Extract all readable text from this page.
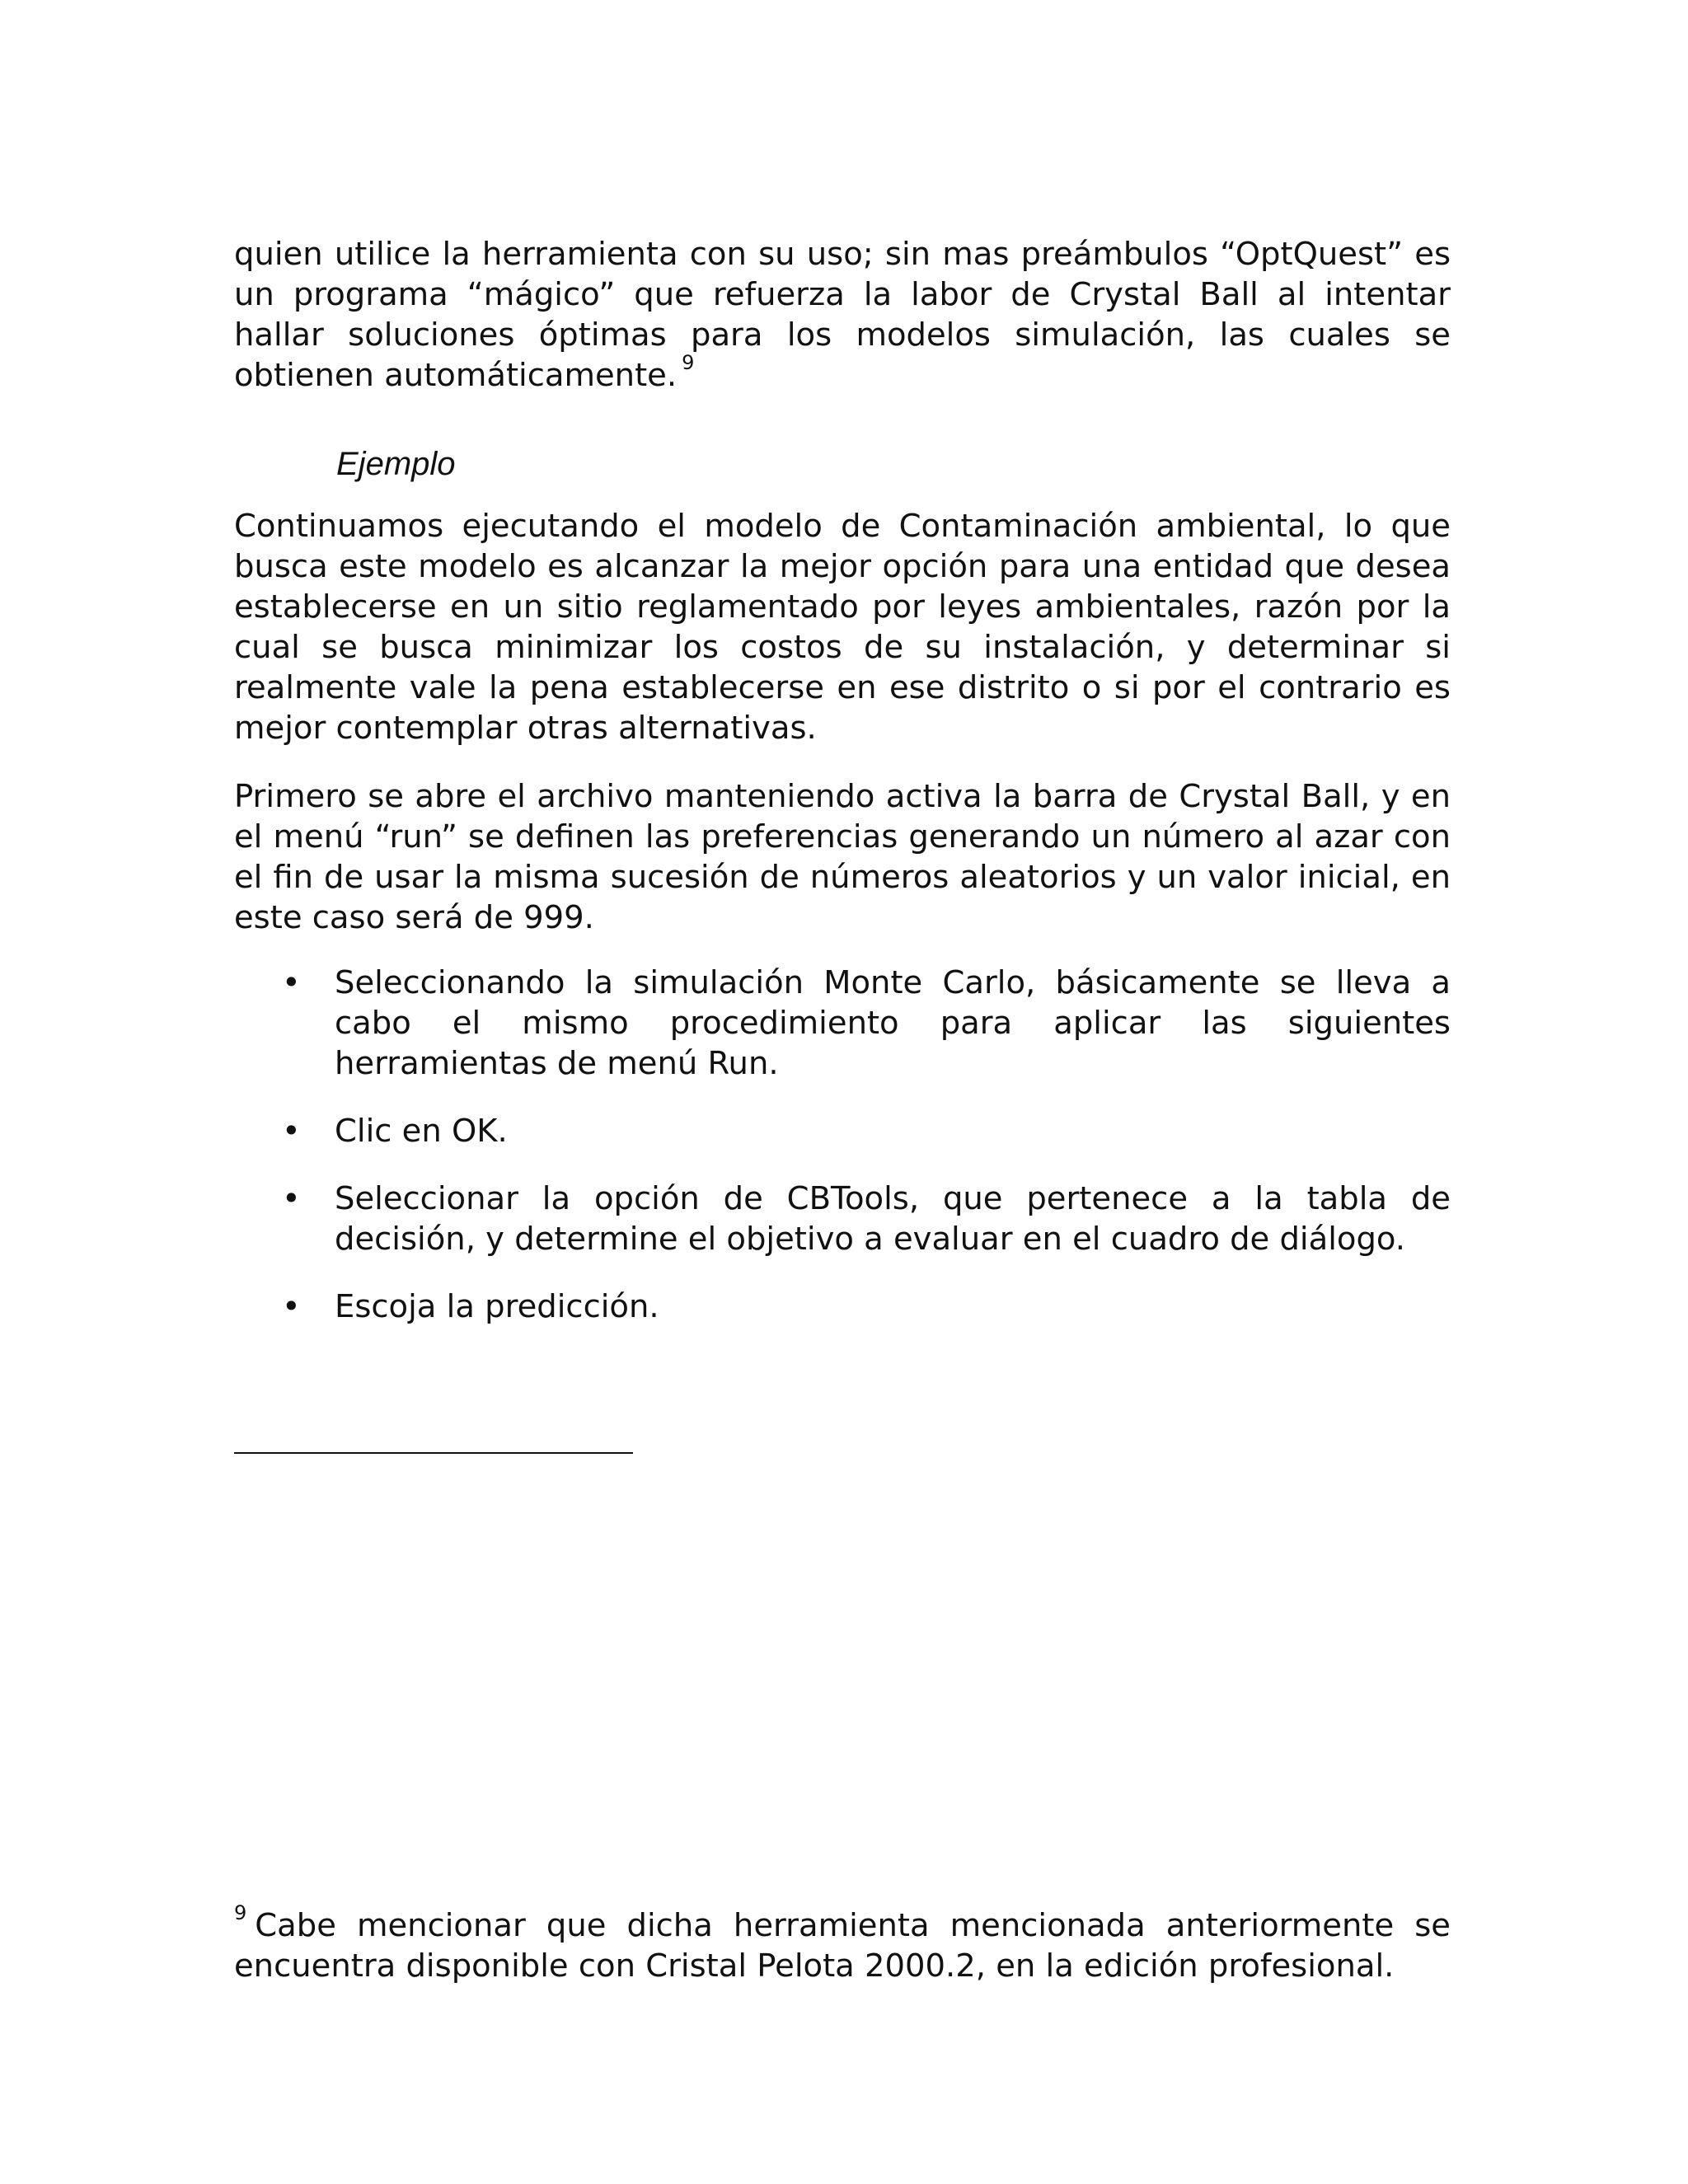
quien utilice la herramienta con su uso; sin mas preámbulos “OptQuest” es un programa “mágico” que refuerza la labor de Crystal Ball al intentar hallar soluciones óptimas para los modelos simulación, las cuales se obtienen automáticamente. $^9$

Ejemplo

Continuamos ejecutando el modelo de Contaminación ambiental, lo que busca este modelo es alcanzar la mejor opción para una entidad que desea establecerse en un sitio reglamentado por leyes ambientales, razón por la cual se busca minimizar los costos de su instalación, y determinar si realmente vale la pena establecerse en ese distrito o si por el contrario es mejor contemplar otras alternativas.

Primero se abre el archivo manteniendo activa la barra de Crystal Ball, y en el menú “run” se definen las preferencias generando un número al azar con el fin de usar la misma sucesión de números aleatorios y un valor inicial, en este caso será de 999.

• Seleccionando la simulación Monte Carlo, básicamente se lleva a cabo el mismo procedimiento para aplicar las siguientes herramientas de menú Run.
• Clic en OK.
• Seleccionar la opción de CBTools, que pertenece a la tabla de decisión, y determine el objetivo a evaluar en el cuadro de diálogo.
• Escoja la predicción.

$^9$ Cabe mencionar que dicha herramienta mencionada anteriormente se encuentra disponible con Cristal Pelota 2000.2, en la edición profesional.
